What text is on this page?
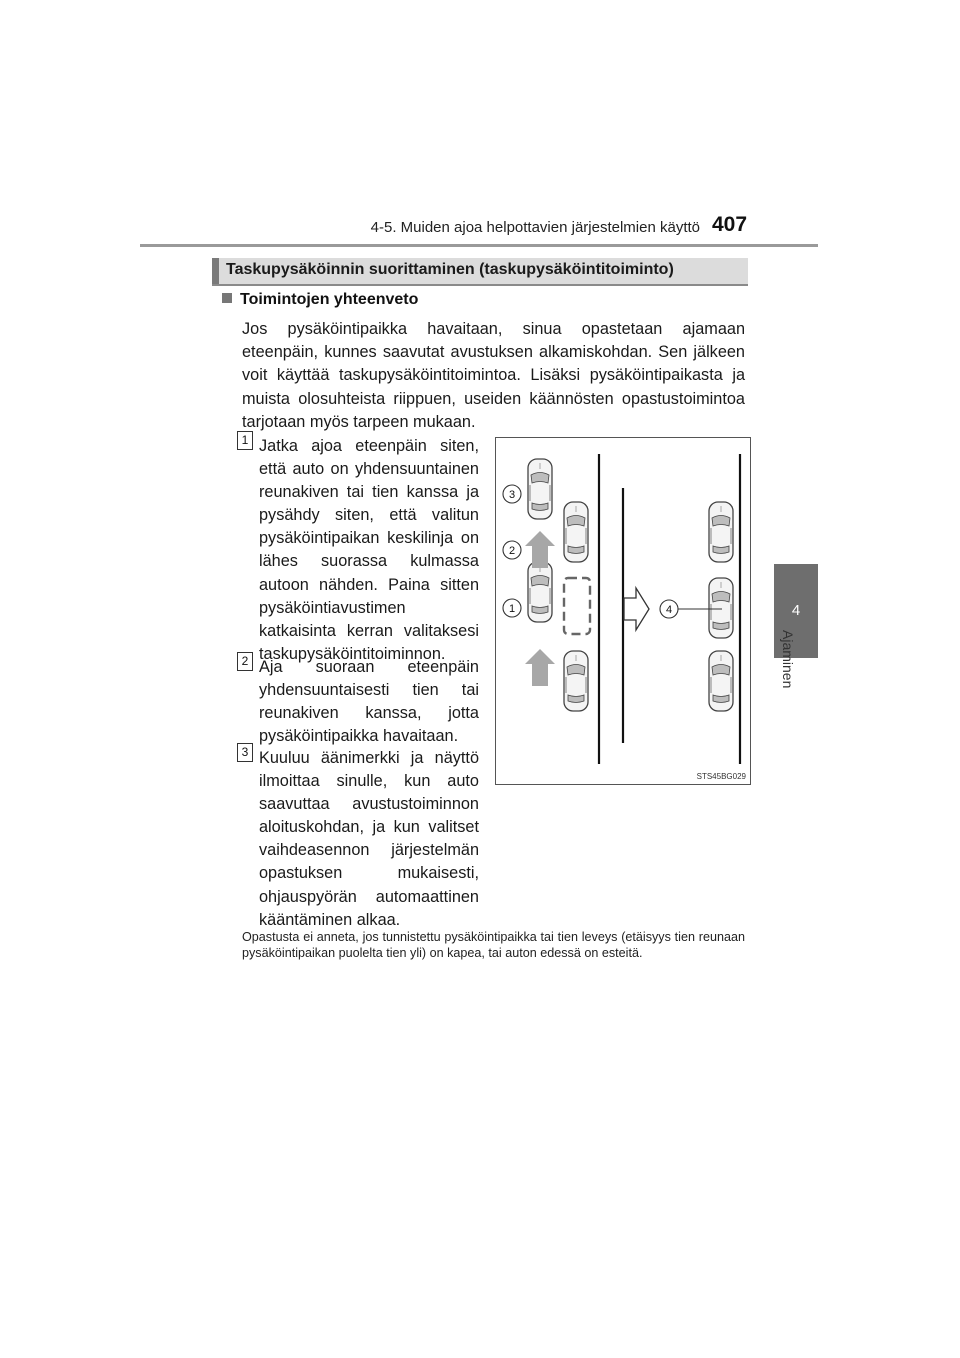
4-5. Muiden ajoa helpottavien järjestelmien käyttö 407
4
Ajaminen
Taskupysäköinnin suorittaminen (taskupysäköintitoiminto)
Toimintojen yhteenveto
Jos pysäköintipaikka havaitaan, sinua opastetaan ajamaan eteenpäin, kunnes saavutat avustuksen alkamiskohdan. Sen jälkeen voit käyttää taskupysäköintitoimintoa. Lisäksi pysäköintipaikasta ja muista olosuhteista riippuen, useiden käännösten opastustoimintoa tarjotaan myös tarpeen mukaan.
1 Jatka ajoa eteenpäin siten, että auto on yhdensuuntainen reunakiven tai tien kanssa ja pysähdy siten, että valitun pysäköintipaikan keskilinja on lähes suorassa kulmassa autoon nähden. Paina sitten pysäköintiavustimen katkaisinta kerran valitaksesi taskupysäköintitoiminnon.
2 Aja suoraan eteenpäin yhdensuuntaisesti tien tai reunakiven kanssa, jotta pysäköintipaikka havaitaan.
3 Kuuluu äänimerkki ja näyttö ilmoittaa sinulle, kun auto saavuttaa avustustoiminnon aloituskohdan, ja kun valitset vaihdeasennon järjestelmän opastuksen mukaisesti, ohjauspyörän automaattinen kääntäminen alkaa.
3
2
1	4
STS45BG029
Opastusta ei anneta, jos tunnistettu pysäköintipaikka tai tien leveys (etäisyys tien reunaan pysäköintipaikan puolelta tien yli) on kapea, tai auton edessä on esteitä.
